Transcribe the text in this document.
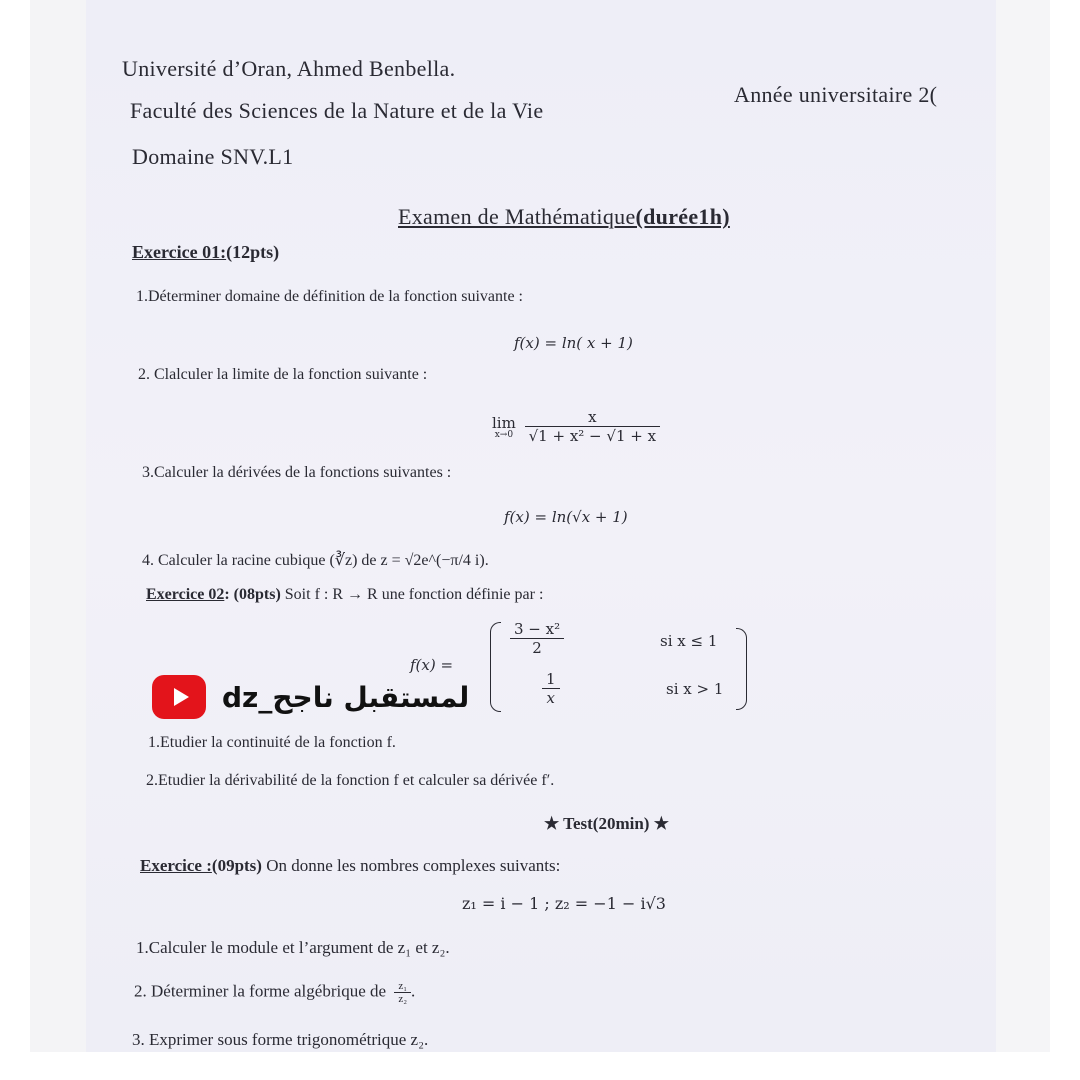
Université d’Oran, Ahmed Benbella.
Année universitaire 2(
Faculté des Sciences de la Nature et de la Vie
Domaine SNV.L1
Examen de Mathématique(durée1h)
Exercice 01:(12pts)
1.Déterminer domaine de définition de la fonction suivante :
f(x) = ln( x + 1)
2. Clalculer la limite de la fonction suivante :
lim
x→0
$\frac{x}{\text{√1 + x² − √1 + x}}$
3.Calculer la dérivées de la fonctions suivantes :
f(x) = ln(√x + 1)
4. Calculer la racine cubique (∛z) de z = √2e^(−π/4 i).
Exercice 02: (08pts) Soit f : R → R une fonction définie par :
f(x) =
$\frac{\text{3 − x²}}{2}$	si x ≤ 1
$\frac{1}{x}$	si x > 1
1.Etudier la continuité de la fonction f.
2.Etudier la dérivabilité de la fonction f et calculer sa dérivée f′.
★ Test(20min) ★
Exercice :(09pts) On donne les nombres complexes suivants:
z₁ = i − 1 ; z₂ = −1 − i√3
1.Calculer le module et l’argument de z₁ et z₂.
2. Déterminer la forme algébrique de $\frac{\text{z₁}}{\text{z₂}}$ .
3. Exprimer sous forme trigonométrique z₂.
لمستقبل ناجح_dz
